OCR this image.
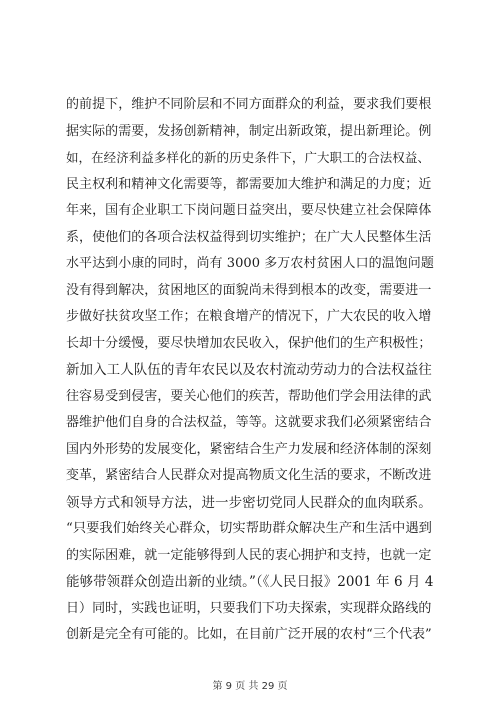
的前提下，维护不同阶层和不同方面群众的利益，要求我们要根
据实际的需要，发扬创新精神，制定出新政策，提出新理论。例
如，在经济利益多样化的新的历史条件下，广大职工的合法权益、
民主权利和精神文化需要等，都需要加大维护和满足的力度；近
年来，国有企业职工下岗问题日益突出，要尽快建立社会保障体
系，使他们的各项合法权益得到切实维护；在广大人民整体生活
水平达到小康的同时，尚有 3000 多万农村贫困人口的温饱问题
没有得到解决，贫困地区的面貌尚未得到根本的改变，需要进一
步做好扶贫攻坚工作；在粮食增产的情况下，广大农民的收入增
长却十分缓慢，要尽快增加农民收入，保护他们的生产积极性；
新加入工人队伍的青年农民以及农村流动劳动力的合法权益往
往容易受到侵害，要关心他们的疾苦，帮助他们学会用法律的武
器维护他们自身的合法权益，等等。这就要求我们必须紧密结合
国内外形势的发展变化，紧密结合生产力发展和经济体制的深刻
变革，紧密结合人民群众对提高物质文化生活的要求，不断改进
领导方式和领导方法，进一步密切党同人民群众的血肉联系。
“只要我们始终关心群众，切实帮助群众解决生产和生活中遇到
的实际困难，就一定能够得到人民的衷心拥护和支持，也就一定
能够带领群众创造出新的业绩。”（《人民日报》2001 年 6 月 4
日）同时，实践也证明，只要我们下功夫探索，实现群众路线的
创新是完全有可能的。比如，在目前广泛开展的农村“三个代表”
第 9 页 共 29 页
